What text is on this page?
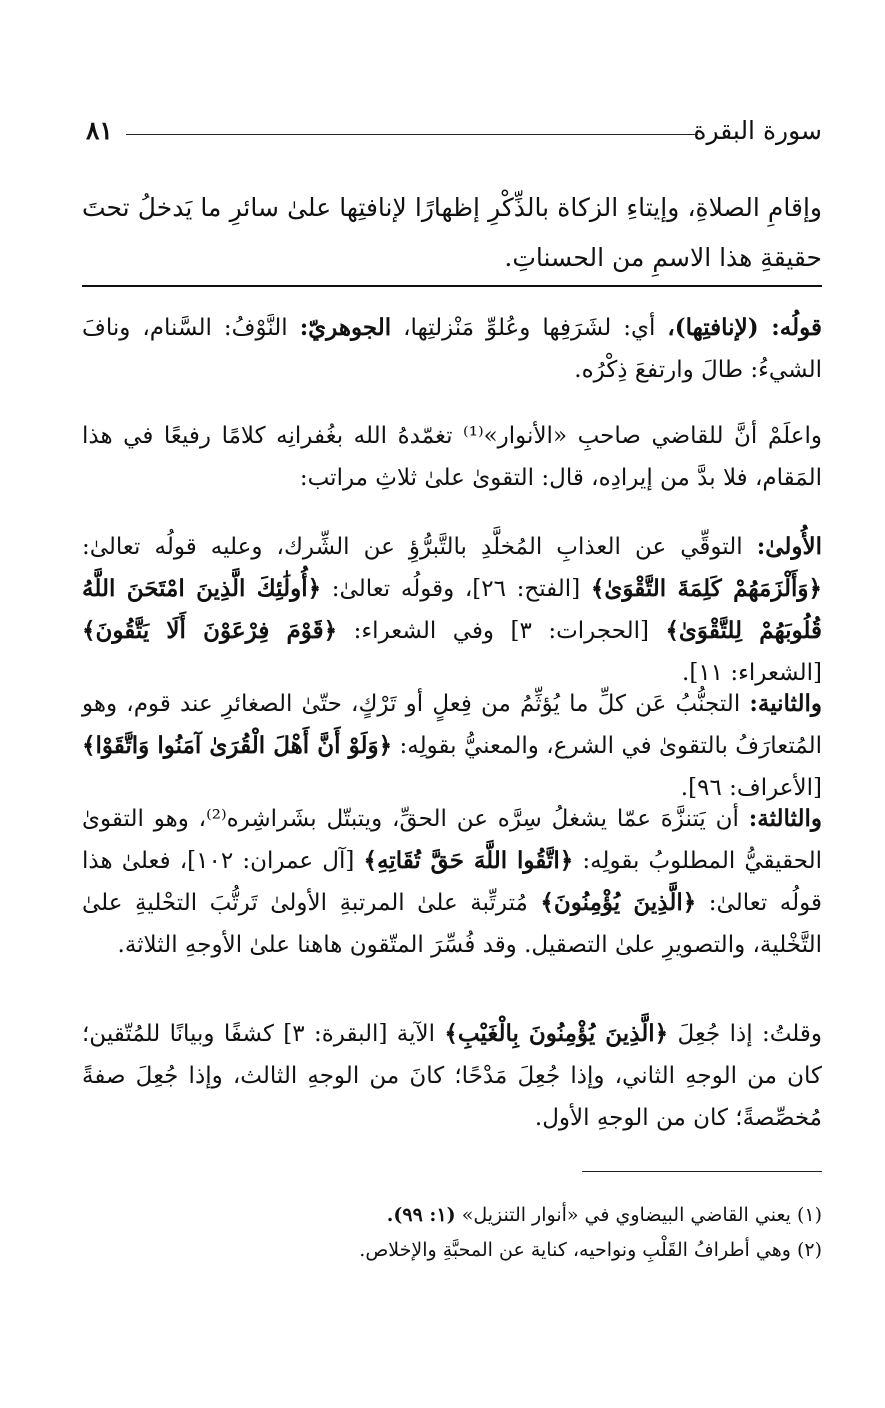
سورة البقرة
٨١
وإقامِ الصلاةِ، وإيتاءِ الزكاة بالذِّكْرِ إظهارًا لإنافتِها علىٰ سائرِ ما يَدخلُ تحتَ حقيقةِ هذا الاسمِ من الحسناتِ.
قولُه: (لإنافتِها)، أي: لشَرَفِها وعُلوِّ مَنْزلتِها، الجوهريّ: النَّوْفُ: السَّنام، ونافَ الشيءُ: طالَ وارتفعَ ذِكْرُه.
واعلَمْ أنَّ للقاضي صاحبِ «الأنوار»⁽¹⁾ تغمّدهُ الله بغُفرانِه كلامًا رفيعًا في هذا المَقام، فلا بدَّ من إيرادِه، قال: التقوىٰ علىٰ ثلاثِ مراتب:
الأُولىٰ: التوقِّي عن العذابِ المُخلَّدِ بالتَّبرُّؤِ عن الشِّرك، وعليه قولُه تعالىٰ: ﴿وَأَلْزَمَهُمْ كَلِمَةَ التَّقْوَىٰ﴾ [الفتح: ٢٦]، وقولُه تعالىٰ: ﴿أُولَٰئِكَ الَّذِينَ امْتَحَنَ اللَّهُ قُلُوبَهُمْ لِلتَّقْوَىٰ﴾ [الحجرات: ٣] وفي الشعراء: ﴿قَوْمَ فِرْعَوْنَ أَلَا يَتَّقُونَ﴾ [الشعراء: ١١].
والثانية: التجنُّبُ عَن كلِّ ما يُؤثِّمُ من فِعلٍ أو تَرْكٍ، حتّىٰ الصغائرِ عند قوم، وهو المُتعارَفُ بالتقوىٰ في الشرع، والمعنيُّ بقولِه: ﴿وَلَوْ أَنَّ أَهْلَ الْقُرَىٰ آمَنُوا وَاتَّقَوْا﴾ [الأعراف: ٩٦].
والثالثة: أن يَتنزَّهَ عمّا يشغلُ سِرَّه عن الحقِّ، ويتبتّل بشَراشِره⁽²⁾، وهو التقوىٰ الحقيقيُّ المطلوبُ بقولِه: ﴿اتَّقُوا اللَّهَ حَقَّ تُقَاتِهِ﴾ [آل عمران: ١٠٢]، فعلىٰ هذا قولُه تعالىٰ: ﴿الَّذِينَ يُؤْمِنُونَ﴾ مُترتِّبة علىٰ المرتبةِ الأولىٰ تَرتُّبَ التحْليةِ علىٰ التَّخْلية، والتصويرِ علىٰ التصقيل. وقد فُسِّرَ المتّقون هاهنا علىٰ الأوجهِ الثلاثة.
وقلتُ: إذا جُعِلَ ﴿الَّذِينَ يُؤْمِنُونَ بِالْغَيْبِ﴾ الآية [البقرة: ٣] كشفًا وبيانًا للمُتّقين؛ كان من الوجهِ الثاني، وإذا جُعِلَ مَدْحًا؛ كانَ من الوجهِ الثالث، وإذا جُعِلَ صفةً مُخصِّصةً؛ كان من الوجهِ الأول.
(١) يعني القاضي البيضاوي في «أنوار التنزيل» (١: ٩٩).
(٢) وهي أطرافُ القَلْبِ ونواحيه، كناية عن المحبَّةِ والإخلاص.
